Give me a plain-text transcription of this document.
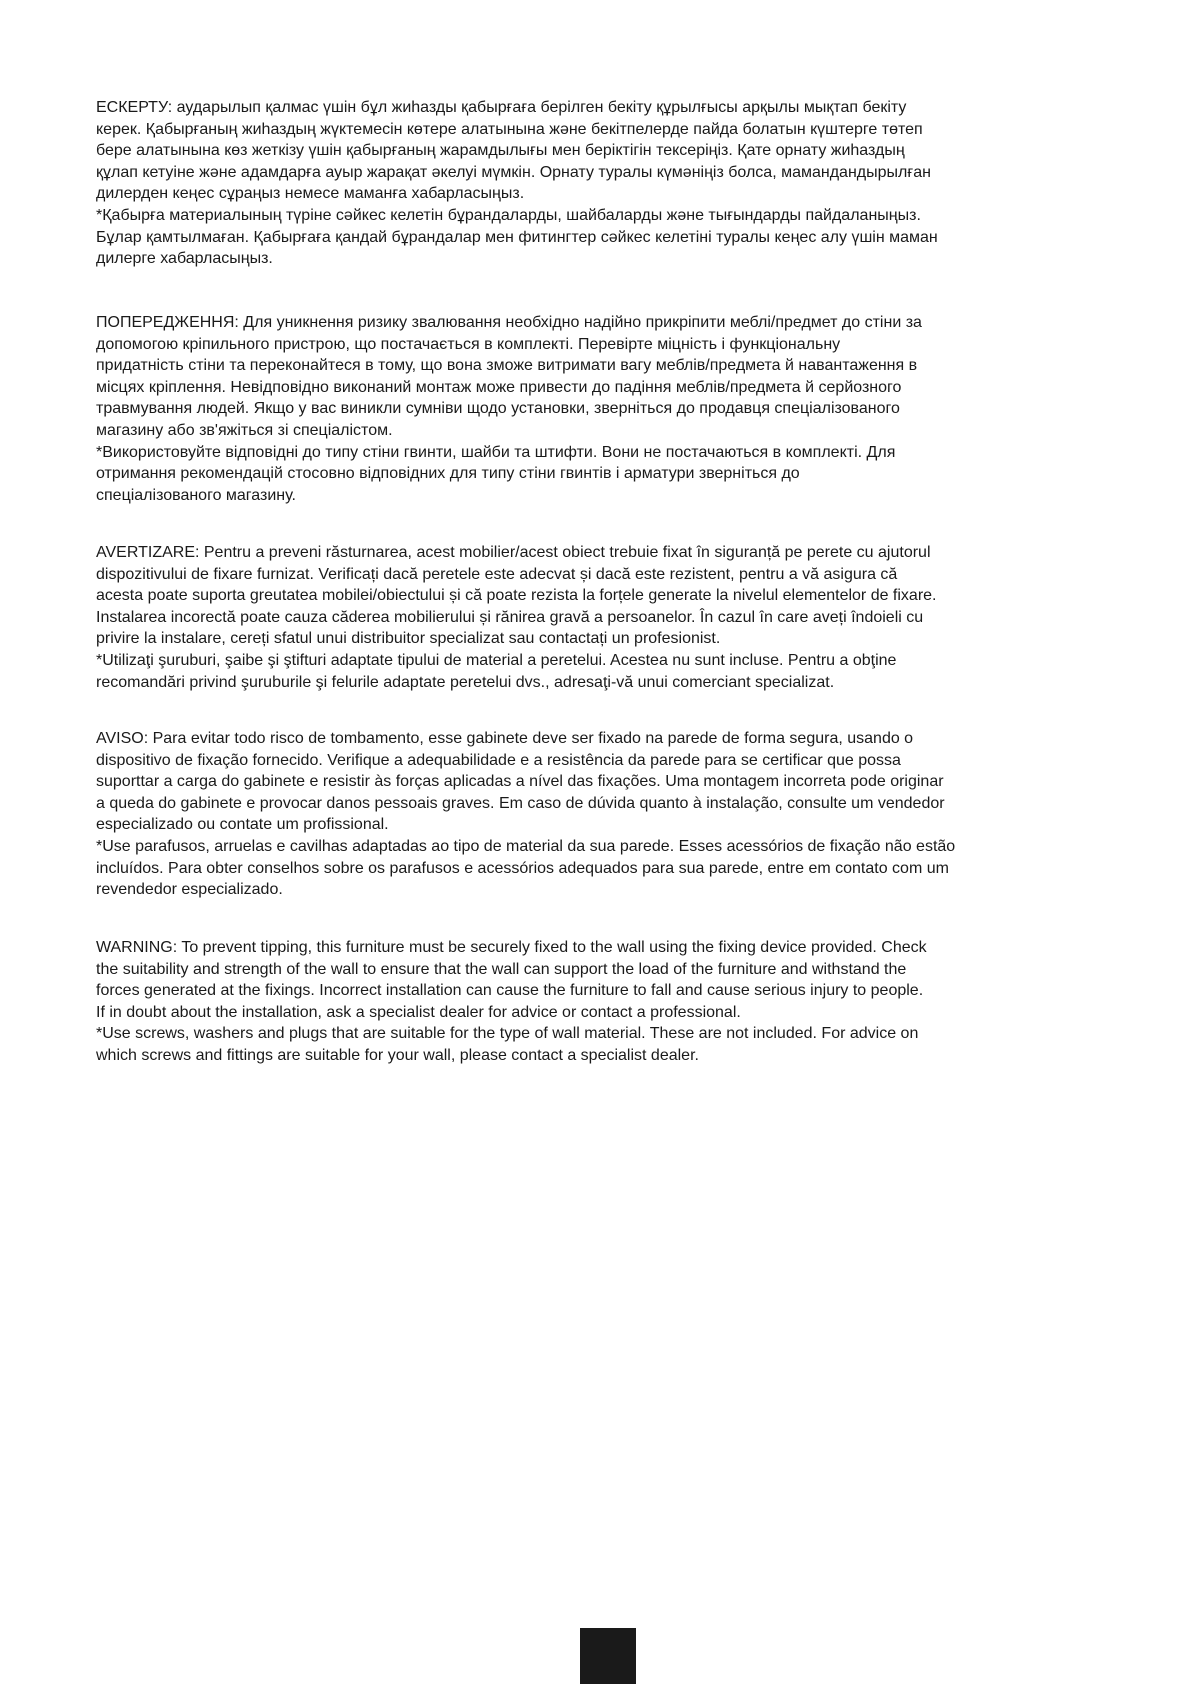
ЕСКЕРТУ: аударылып қалмас үшін бұл жиһазды қабырғаға берілген бекіту құрылғысы арқылы мықтап бекіту
керек. Қабырғаның жиһаздың жүктемесін көтере алатынына және бекітпелерде пайда болатын күштерге төтеп
бере алатынына көз жеткізу үшін қабырғаның жарамдылығы мен беріктігін тексеріңіз. Қате орнату жиһаздың
құлап кетуіне және адамдарға ауыр жарақат әкелуі мүмкін. Орнату туралы күмәніңіз болса, мамандандырылған
дилерден кеңес сұраңыз немесе маманға хабарласыңыз.

*Қабырға материалының түріне сәйкес келетін бұрандаларды, шайбаларды және тығындарды пайдаланыңыз.
Бұлар қамтылмаған. Қабырғаға қандай бұрандалар мен фитингтер сәйкес келетіні туралы кеңес алу үшін маман
дилерге хабарласыңыз.

ПОПЕРЕДЖЕННЯ: Для уникнення ризику звалювання необхідно надійно прикріпити меблі/предмет до стіни за
допомогою кріпильного пристрою, що постачається в комплекті. Перевірте міцність і функціональну
придатність стіни та переконайтеся в тому, що вона зможе витримати вагу меблів/предмета й навантаження в
місцях кріплення. Невідповідно виконаний монтаж може привести до падіння меблів/предмета й серйозного
травмування людей. Якщо у вас виникли сумніви щодо установки, зверніться до продавця спеціалізованого
магазину або зв'яжіться зі спеціалістом.

*Використовуйте відповідні до типу стіни гвинти, шайби та штифти. Вони не постачаються в комплекті. Для
отримання рекомендацій стосовно відповідних для типу стіни гвинтів і арматури зверніться до
спеціалізованого магазину.

AVERTIZARE: Pentru a preveni răsturnarea, acest mobilier/acest obiect trebuie fixat în siguranță pe perete cu ajutorul
dispozitivului de fixare furnizat. Verificați dacă peretele este adecvat și dacă este rezistent, pentru a vă asigura că
acesta poate suporta greutatea mobilei/obiectului și că poate rezista la forțele generate la nivelul elementelor de fixare.
Instalarea incorectă poate cauza căderea mobilierului și rănirea gravă a persoanelor. În cazul în care aveți îndoieli cu
privire la instalare, cereți sfatul unui distribuitor specializat sau contactați un profesionist.

*Utilizaţi şuruburi, şaibe şi ştifturi adaptate tipului de material a peretelui. Acestea nu sunt incluse. Pentru a obţine
recomandări privind şuruburile şi felurile adaptate peretelui dvs., adresaţi-vă unui comerciant specializat.

AVISO: Para evitar todo risco de tombamento, esse gabinete deve ser fixado na parede de forma segura, usando o
dispositivo de fixação fornecido. Verifique a adequabilidade e a resistência da parede para se certificar que possa
suporttar a carga do gabinete e resistir às forças aplicadas a nível das fixações. Uma montagem incorreta pode originar
a queda do gabinete e provocar danos pessoais graves. Em caso de dúvida quanto à instalação, consulte um vendedor
especializado ou contate um profissional.

*Use parafusos, arruelas e cavilhas adaptadas ao tipo de material da sua parede. Esses acessórios de fixação não estão
incluídos. Para obter conselhos sobre os parafusos e acessórios adequados para sua parede, entre em contato com um
revendedor especializado.

WARNING: To prevent tipping, this furniture must be securely fixed to the wall using the fixing device provided. Check
the suitability and strength of the wall to ensure that the wall can support the load of the furniture and withstand the
forces generated at the fixings. Incorrect installation can cause the furniture to fall and cause serious injury to people.
If in doubt about the installation, ask a specialist dealer for advice or contact a professional.

*Use screws, washers and plugs that are suitable for the type of wall material. These are not included. For advice on
which screws and fittings are suitable for your wall, please contact a specialist dealer.
